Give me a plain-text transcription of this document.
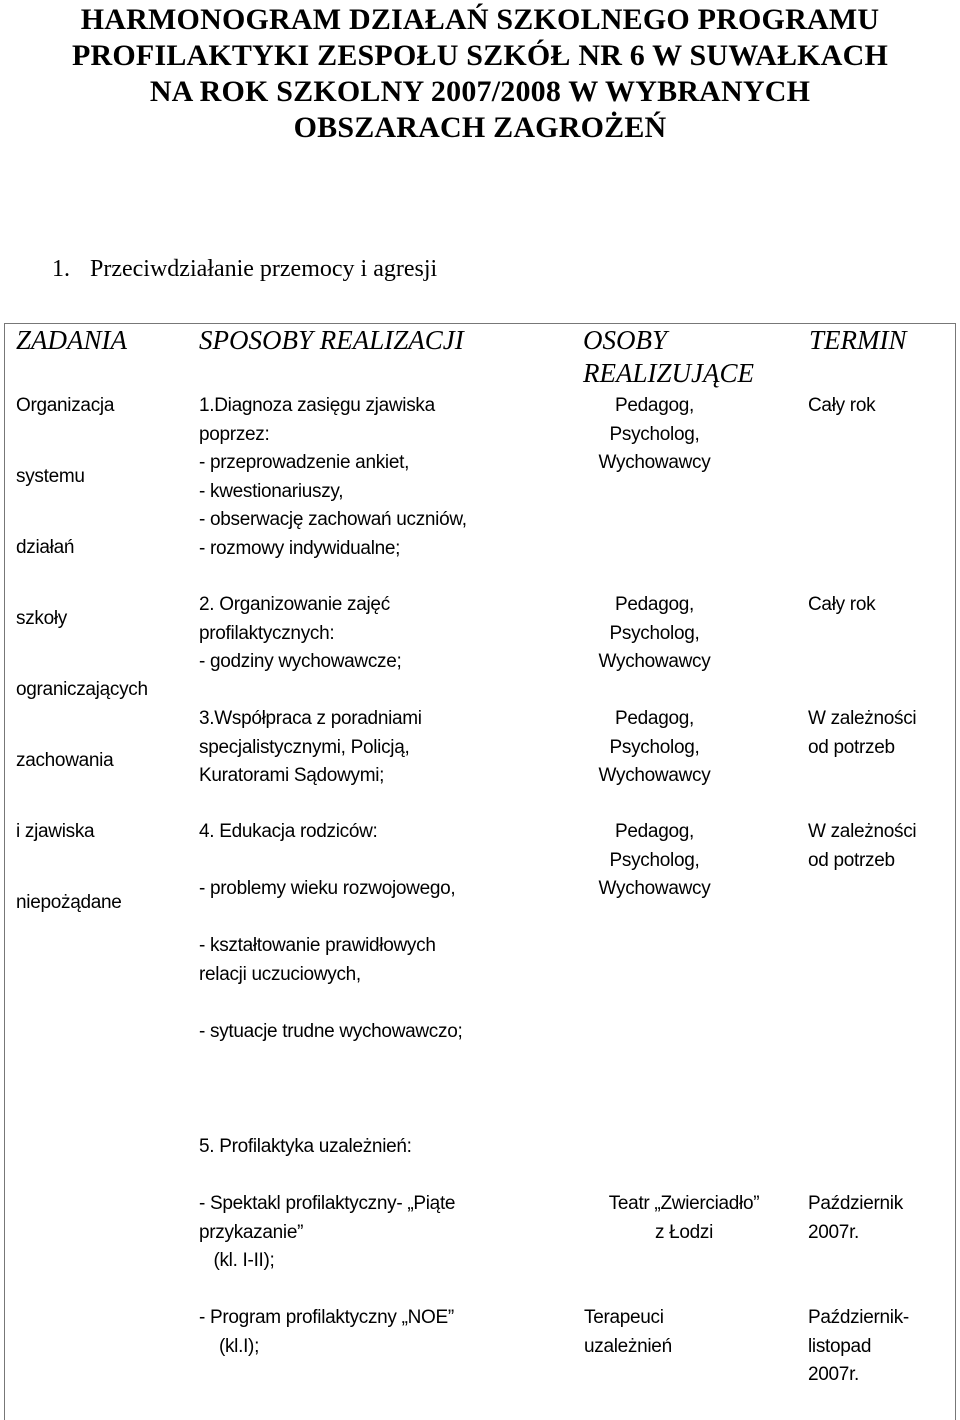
HARMONOGRAM DZIAŁAŃ SZKOLNEGO PROGRAMU
PROFILAKTYKI ZESPOŁU SZKÓŁ NR 6 W SUWAŁKACH
NA ROK SZKOLNY 2007/2008 W WYBRANYCH
OBSZARACH ZAGROŻEŃ
1. Przeciwdziałanie przemocy i agresji
ZADANIA	SPOSOBY REALIZACJI	OSOBY
REALIZUJĄCE
TERMIN
Organizacja
systemu
działań
szkoły
ograniczających
zachowania
i zjawiska
niepożądane
1.Diagnoza zasięgu zjawiska
poprzez:
- przeprowadzenie ankiet,
- kwestionariuszy,
- obserwację zachowań uczniów,
- rozmowy indywidualne;
Pedagog,
Psycholog,
Wychowawcy
Cały rok
2. Organizowanie zajęć
profilaktycznych:
- godziny wychowawcze;
Pedagog,
Psycholog,
Wychowawcy
Cały rok
3.Współpraca z poradniami
specjalistycznymi, Policją,
Kuratorami Sądowymi;
Pedagog,
Psycholog,
Wychowawcy
W zależności
od potrzeb
4. Edukacja rodziców:
- problemy wieku rozwojowego,
- kształtowanie prawidłowych
relacji uczuciowych,
- sytuacje trudne wychowawczo;
Pedagog,
Psycholog,
Wychowawcy
W zależności
od potrzeb
5. Profilaktyka uzależnień:
- Spektakl profilaktyczny- „Piąte
przykazanie”
(kl. I-II);
- Program profilaktyczny „NOE”
(kl.I);
Teatr „Zwierciadło”
z Łodzi
Terapeuci
uzależnień
Październik
2007r.
Październik-
listopad
2007r.
